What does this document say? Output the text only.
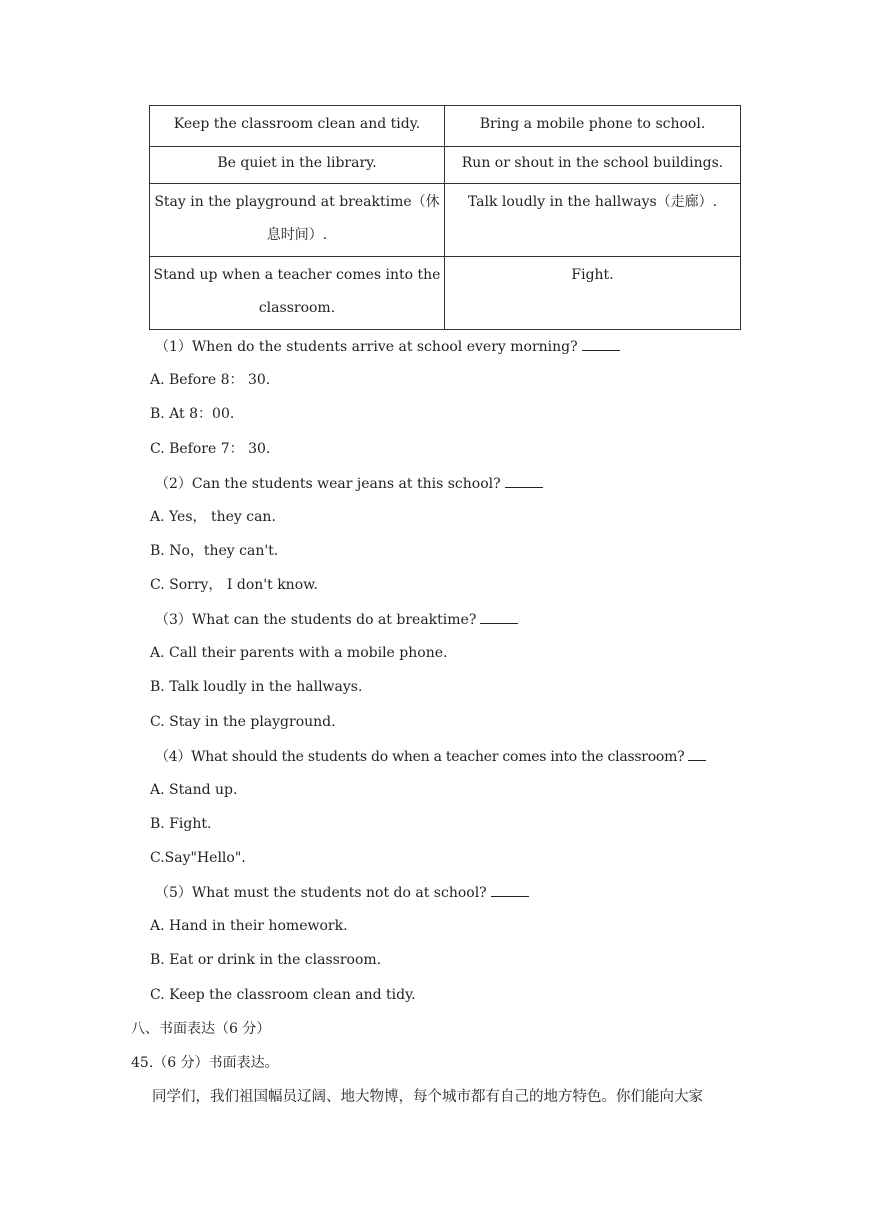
Keep the classroom clean and tidy.	Bring a mobile phone to school.
Be quiet in the library.	Run or shout in the school buildings.
Stay in the playground at breaktime（休息时间）.	Talk loudly in the hallways（走廊）.
Stand up when a teacher comes into the classroom.	Fight.
（1）When do the students arrive at school every morning?
A. Before 8： 30.
B. At 8：00.
C. Before 7： 30.
（2）Can the students wear jeans at this school?
A. Yes， they can.
B. No，they can't.
C. Sorry， I don't know.
（3）What can the students do at breaktime?
A. Call their parents with a mobile phone.
B. Talk loudly in the hallways.
C. Stay in the playground.
（4）What should the students do when a teacher comes into the classroom?
A. Stand up.
B. Fight.
C.Say"Hello".
（5）What must the students not do at school?
A. Hand in their homework.
B. Eat or drink in the classroom.
C. Keep the classroom clean and tidy.
八、书面表达（6 分）
45.（6 分）书面表达。
同学们，我们祖国幅员辽阔、地大物博，每个城市都有自己的地方特色。你们能向大家
